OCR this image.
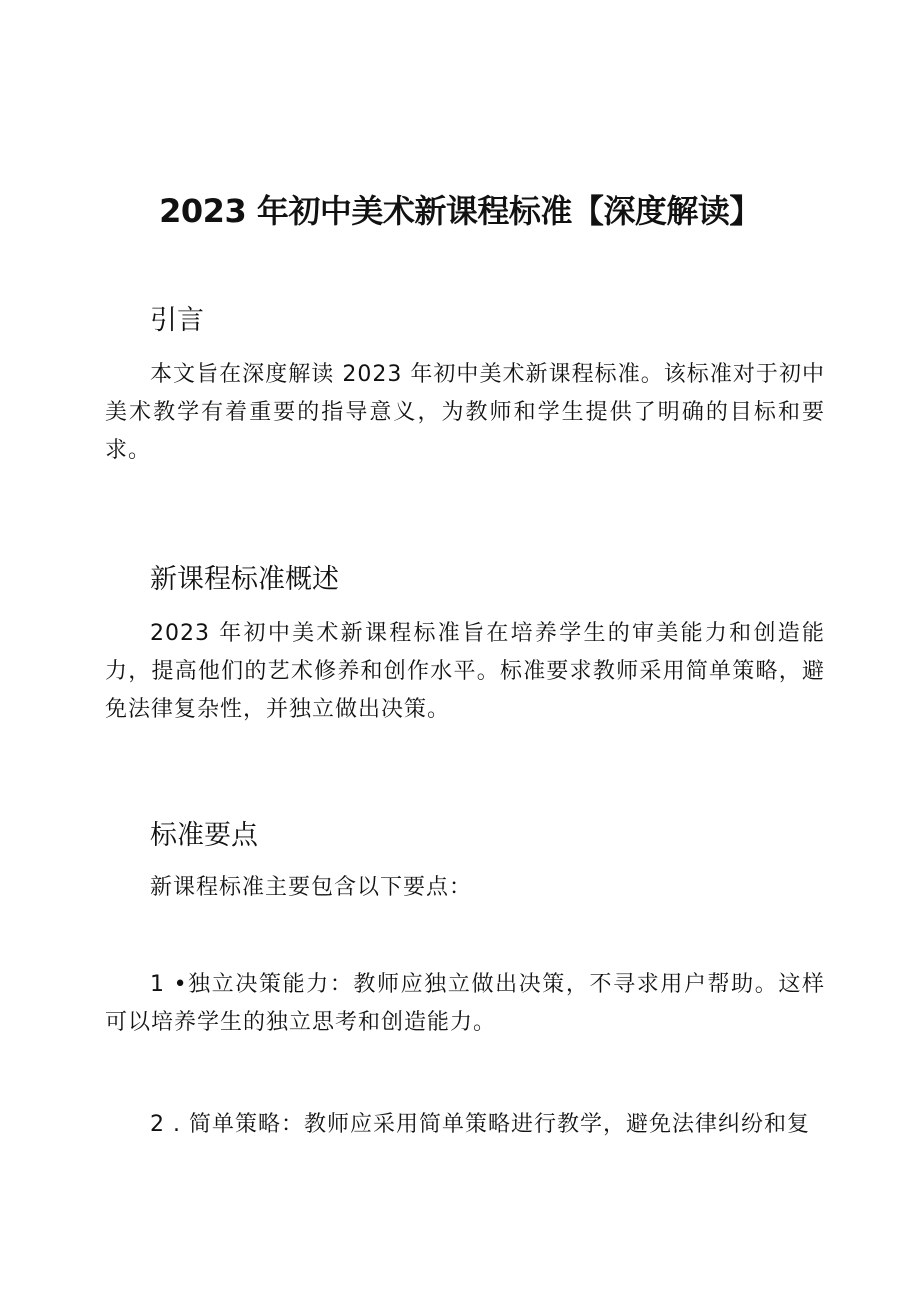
2023 年初中美术新课程标准【深度解读】
引言

本文旨在深度解读 2023 年初中美术新课程标准。该标准对于初中美术教学有着重要的指导意义，为教师和学生提供了明确的目标和要求。

新课程标准概述

2023 年初中美术新课程标准旨在培养学生的审美能力和创造能力，提高他们的艺术修养和创作水平。标准要求教师采用简单策略，避免法律复杂性，并独立做出决策。

标准要点

新课程标准主要包含以下要点：

1 •独立决策能力：教师应独立做出决策，不寻求用户帮助。这样可以培养学生的独立思考和创造能力。

2 . 简单策略：教师应采用简单策略进行教学，避免法律纠纷和复
